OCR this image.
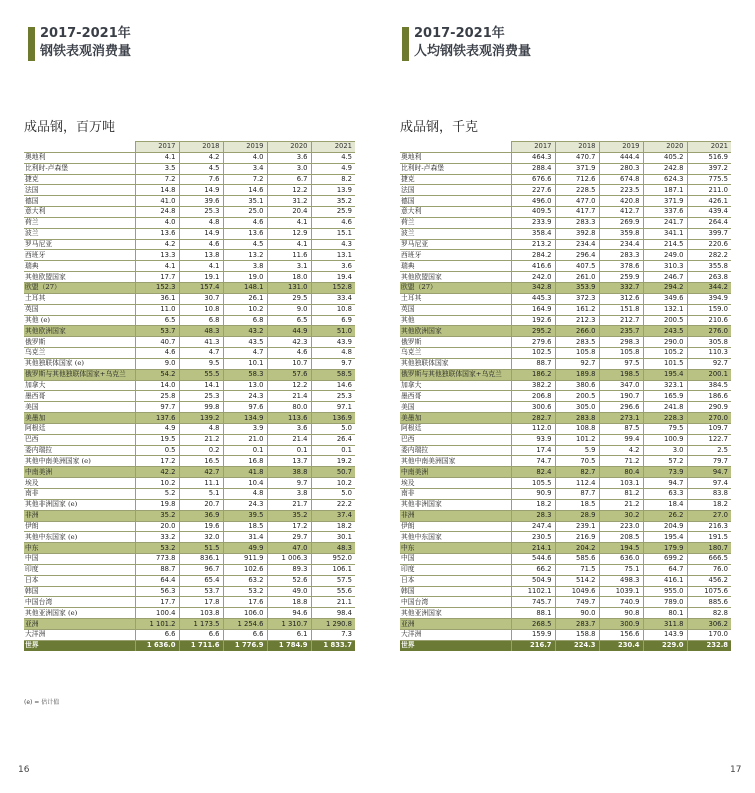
2017-2021年
钢铁表观消费量
成品钢，百万吨
	2017	2018	2019	2020	2021
奥地利	4.1	4.2	4.0	3.6	4.5
比利时-卢森堡	3.5	4.5	3.4	3.0	4.9
捷克	7.2	7.6	7.2	6.7	8.2
法国	14.8	14.9	14.6	12.2	13.9
德国	41.0	39.6	35.1	31.2	35.2
意大利	24.8	25.3	25.0	20.4	25.9
荷兰	4.0	4.8	4.6	4.1	4.6
波兰	13.6	14.9	13.6	12.9	15.1
罗马尼亚	4.2	4.6	4.5	4.1	4.3
西班牙	13.3	13.8	13.2	11.6	13.1
瑞典	4.1	4.1	3.8	3.1	3.6
其他欧盟国家	17.7	19.1	19.0	18.0	19.4
欧盟（27）	152.3	157.4	148.1	131.0	152.8
土耳其	36.1	30.7	26.1	29.5	33.4
英国	11.0	10.8	10.2	9.0	10.8
其他 (e)	6.5	6.8	6.8	6.5	6.9
其他欧洲国家	53.7	48.3	43.2	44.9	51.0
俄罗斯	40.7	41.3	43.5	42.3	43.9
乌克兰	4.6	4.7	4.7	4.6	4.8
其他独联体国家 (e)	9.0	9.5	10.1	10.7	9.7
俄罗斯与其他独联体国家+乌克兰	54.2	55.5	58.3	57.6	58.5
加拿大	14.0	14.1	13.0	12.2	14.6
墨西哥	25.8	25.3	24.3	21.4	25.3
美国	97.7	99.8	97.6	80.0	97.1
美墨加	137.6	139.2	134.9	113.6	136.9
阿根廷	4.9	4.8	3.9	3.6	5.0
巴西	19.5	21.2	21.0	21.4	26.4
委内瑞拉	0.5	0.2	0.1	0.1	0.1
其他中南美洲国家 (e)	17.2	16.5	16.8	13.7	19.2
中南美洲	42.2	42.7	41.8	38.8	50.7
埃及	10.2	11.1	10.4	9.7	10.2
南非	5.2	5.1	4.8	3.8	5.0
其他非洲国家 (e)	19.8	20.7	24.3	21.7	22.2
非洲	35.2	36.9	39.5	35.2	37.4
伊朗	20.0	19.6	18.5	17.2	18.2
其他中东国家 (e)	33.2	32.0	31.4	29.7	30.1
中东	53.2	51.5	49.9	47.0	48.3
中国	773.8	836.1	911.9	1 006.3	952.0
印度	88.7	96.7	102.6	89.3	106.1
日本	64.4	65.4	63.2	52.6	57.5
韩国	56.3	53.7	53.2	49.0	55.6
中国台湾	17.7	17.8	17.6	18.8	21.1
其他亚洲国家 (e)	100.4	103.8	106.0	94.6	98.4
亚洲	1 101.2	1 173.5	1 254.6	1 310.7	1 290.8
大洋洲	6.6	6.6	6.6	6.1	7.3
世界	1 636.0	1 711.6	1 776.9	1 784.9	1 833.7
(e) = 估计值
16
2017-2021年
人均钢铁表观消费量
成品钢，千克
	2017	2018	2019	2020	2021
奥地利	464.3	470.7	444.4	405.2	516.9
比利时-卢森堡	288.4	371.9	280.3	242.8	397.2
捷克	676.6	712.6	674.8	624.3	775.5
法国	227.6	228.5	223.5	187.1	211.0
德国	496.0	477.0	420.8	371.9	426.1
意大利	409.5	417.7	412.7	337.6	439.4
荷兰	233.9	283.3	269.9	241.7	264.4
波兰	358.4	392.8	359.8	341.1	399.7
罗马尼亚	213.2	234.4	234.4	214.5	220.6
西班牙	284.2	296.4	283.3	249.0	282.2
瑞典	416.6	407.5	378.6	310.3	355.8
其他欧盟国家	242.0	261.0	259.9	246.7	263.8
欧盟（27）	342.8	353.9	332.7	294.2	344.2
土耳其	445.3	372.3	312.6	349.6	394.9
英国	164.9	161.2	151.8	132.1	159.0
其他	192.6	212.3	212.7	200.5	210.6
其他欧洲国家	295.2	266.0	235.7	243.5	276.0
俄罗斯	279.6	283.5	298.3	290.0	305.8
乌克兰	102.5	105.8	105.8	105.2	110.3
其他独联体国家	88.7	92.7	97.5	101.5	92.7
俄罗斯与其他独联体国家+乌克兰	186.2	189.8	198.5	195.4	200.1
加拿大	382.2	380.6	347.0	323.1	384.5
墨西哥	206.8	200.5	190.7	165.9	186.6
美国	300.6	305.0	296.6	241.8	290.9
美墨加	282.7	283.8	273.1	228.3	270.0
阿根廷	112.0	108.8	87.5	79.5	109.7
巴西	93.9	101.2	99.4	100.9	122.7
委内瑞拉	17.4	5.9	4.2	3.0	2.5
其他中南美洲国家	74.7	70.5	71.2	57.2	79.7
中南美洲	82.4	82.7	80.4	73.9	94.7
埃及	105.5	112.4	103.1	94.7	97.4
南非	90.9	87.7	81.2	63.3	83.8
其他非洲国家	18.2	18.5	21.2	18.4	18.2
非洲	28.3	28.9	30.2	26.2	27.0
伊朗	247.4	239.1	223.0	204.9	216.3
其他中东国家	230.5	216.9	208.5	195.4	191.5
中东	214.1	204.2	194.5	179.9	180.7
中国	544.6	585.6	636.0	699.2	666.5
印度	66.2	71.5	75.1	64.7	76.0
日本	504.9	514.2	498.3	416.1	456.2
韩国	1102.1	1049.6	1039.1	955.0	1075.6
中国台湾	745.7	749.7	740.9	789.0	885.6
其他亚洲国家	88.1	90.0	90.8	80.1	82.8
亚洲	268.5	283.7	300.9	311.8	306.2
大洋洲	159.9	158.8	156.6	143.9	170.0
世界	216.7	224.3	230.4	229.0	232.8
17
